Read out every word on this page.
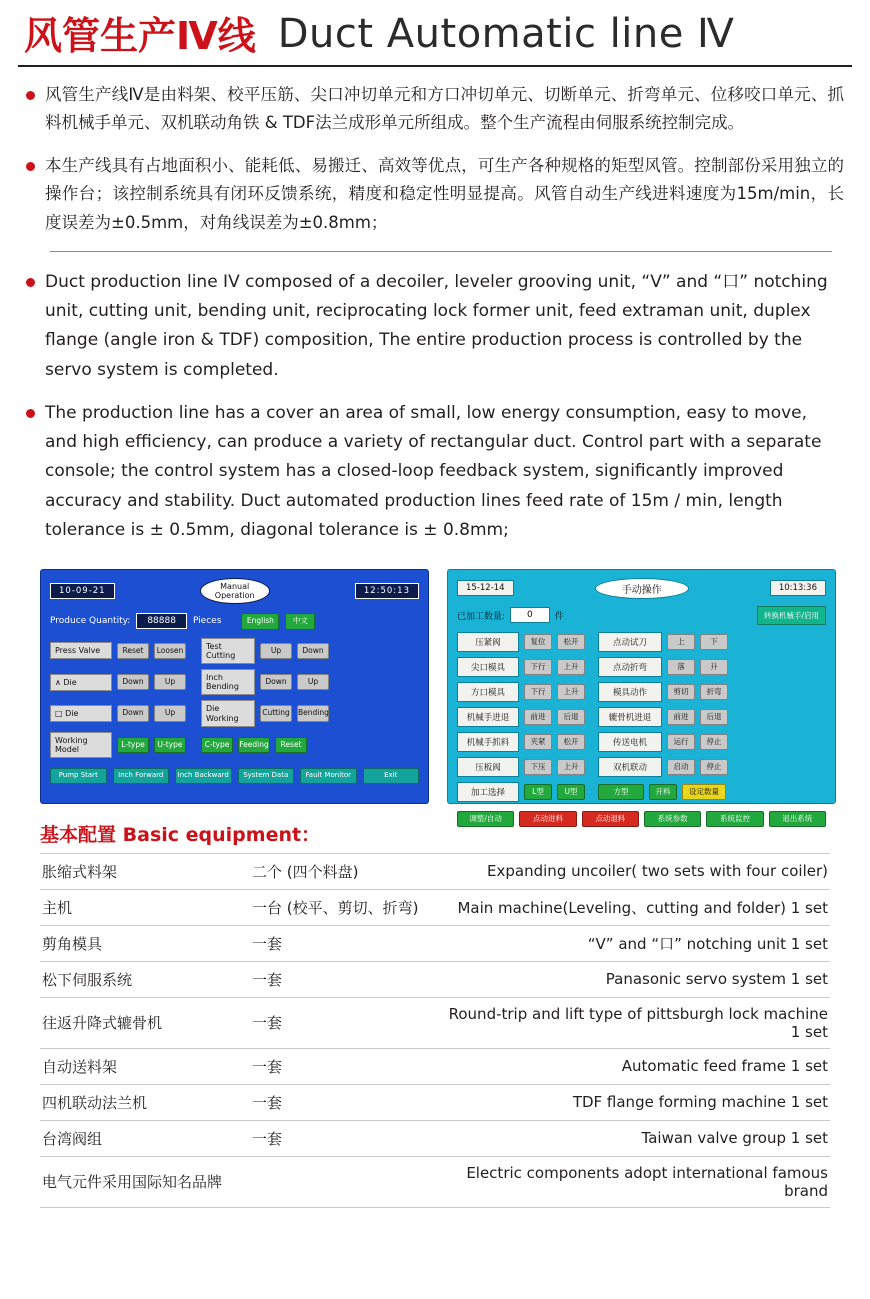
风管生产Ⅳ线 Duct Automatic line Ⅳ
风管生产线Ⅳ是由料架、校平压筋、尖口冲切单元和方口冲切单元、切断单元、折弯单元、位移咬口单元、抓料机械手单元、双机联动角铁 & TDF法兰成形单元所组成。整个生产流程由伺服系统控制完成。
本生产线具有占地面积小、能耗低、易搬迁、高效等优点，可生产各种规格的矩型风管。控制部份采用独立的操作台；该控制系统具有闭环反馈系统，精度和稳定性明显提高。风管自动生产线进料速度为15m/min，长度误差为±0.5mm，对角线误差为±0.8mm；
Duct production line IV composed of a decoiler, leveler grooving unit, “V” and “口” notching unit, cutting unit, bending unit, reciprocating lock former unit, feed extraman unit, duplex flange (angle iron & TDF) composition, The entire production process is controlled by the servo system is completed.
The production line has a cover an area of small, low energy consumption, easy to move, and high efficiency, can produce a variety of rectangular duct. Control part with a separate console; the control system has a closed-loop feedback system, significantly improved accuracy and stability. Duct automated production lines feed rate of 15m / min, length tolerance is ± 0.5mm, diagonal tolerance is ± 0.8mm;
10-09-21	Manual
Operation	12:50:13
Produce Quantity:	88888	Pieces	English	中文
Press Valve	Reset	Loosen	Test Cutting
Up	Down
∧ Die	Down	Up	Inch Bending
Down	Up
□ Die	Down	Up	Die Working
Cutting	Bending
Working Model
L-type	U-type	C-type	Feeding	Reset
Pump Start	Inch Forward	Inch Backward	System Data	Fault Monitor	Exit
15-12-14	手动操作	10:13:36
已加工数量:	0	件	转换机械手/启用
压紧阀	复位	松开	点动试刀	上	下
尖口模具	下行	上升	点动折弯	落	升
方口模具	下行	上升	模具动作	剪切	折弯
机械手进退	前进	后退	辘骨机进退	前进	后退
机械手抓料	夹紧	松开	传送电机	运行	停止
压板阀	下压	上升	双机联动	启动	停止
加工选择	L型	U型	方型	开料	设定数量
调整/自动	点动进料	点动退料	系统参数	系统监控	退出系统
基本配置 Basic equipment：
胀缩式料架	二个 (四个料盘)	Expanding uncoiler( two sets with four coiler)
主机	一台 (校平、剪切、折弯)	Main machine(Leveling、cutting and folder) 1 set
剪角模具	一套	“V” and “口” notching unit 1 set
松下伺服系统	一套	Panasonic servo system 1 set
往返升降式辘骨机	一套	Round-trip and lift type of pittsburgh lock machine 1 set
自动送料架	一套	Automatic feed frame 1 set
四机联动法兰机	一套	TDF flange forming machine 1 set
台湾阀组	一套	Taiwan valve group 1 set
电气元件采用国际知名品牌		Electric components adopt international famous brand
